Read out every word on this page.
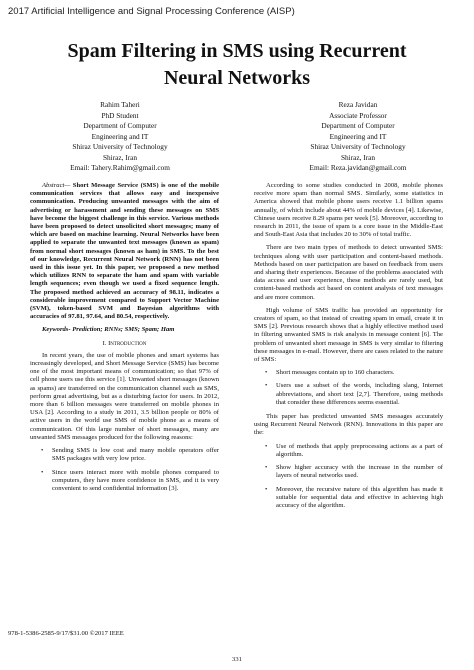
2017 Artificial Intelligence and Signal Processing Conference (AISP)
Spam Filtering in SMS using Recurrent
Neural Networks
Rahim Taheri
PhD Student
Department of Computer
Engineering and IT
Shiraz University of Technology
Shiraz, Iran
Email: Tahery.Rahim@gmail.com
Reza Javidan
Associate Professor
Department of Computer
Engineering and IT
Shiraz University of Technology
Shiraz, Iran
Email: Reza.javidan@gmail.com

Abstract— Short Message Service (SMS) is one of the mobile communication services that allows easy and inexpensive communication. Producing unwanted messages with the aim of advertising or harassment and sending these messages on SMS have become the biggest challenge in this service. Various methods have been proposed to detect unsolicited short messages; many of which are based on machine learning. Neural Networks have been applied to separate the unwanted text messages (known as spam) from normal short messages (known as ham) in SMS. To the best of our knowledge, Recurrent Neural Network (RNN) has not been used in this issue yet. In this paper, we proposed a new method which utilizes RNN to separate the ham and spam with variable length sequences; even though we used a fixed sequence length. The proposed method achieved an accuracy of 98.11, indicates a considerable improvement compared to Support Vector Machine (SVM), token-based SVM and Bayesian algorithms with accuracies of 97.81, 97.64, and 80.54, respectively.

Keywords- Prediction; RNNs; SMS; Spam; Ham

I. Introduction

In recent years, the use of mobile phones and smart systems has increasingly developed, and Short Message Service (SMS) has become one of the most important means of communication; so that 97% of cell phone users use this service [1]. Unwanted short messages (known as spams) are transferred on the communication channel such as SMS, perform great advertising, but as a disturbing factor for users. In 2012, more than 6 billion messages were transferred on mobile phones in USA [2]. According to a study in 2011, 3.5 billion people or 80% of active users in the world use SMS of mobile phone as a means of communication. Of this large number of short messages, many are unwanted SMS messages produced for the following reasons:

• Sending SMS is low cost and many mobile operators offer SMS packages with very low price.
• Since users interact more with mobile phones compared to computers, they have more confidence in SMS, and it is very convenient to send confidential information [3].

According to some studies conducted in 2008, mobile phones receive more spam than normal SMS. Similarly, some statistics in America showed that mobile phone users receive 1.1 billion spams annually, of which include about 44% of mobile devices [4]. Likewise, Chinese users receive 8.29 spams per week [5]. Moreover, according to research in 2011, the issue of spam is a core issue in the Middle-East and South-East Asia that includes 20 to 30% of total traffic.

There are two main types of methods to detect unwanted SMS: techniques along with user participation and content-based methods. Methods based on user participation are based on feedback from users and sharing their experiences. Because of the problems associated with data access and user experience, these methods are rarely used, but content-based methods act based on content analysis of text messages and are more common.

High volume of SMS traffic has provided an opportunity for creators of spam, so that instead of creating spam in email, create it in SMS [2]. Previous research shows that a highly effective method used in filtering unwanted SMS is risk analysis in message content [6]. The problem of unwanted short message in SMS is very similar to filtering these messages in e-mail. However, there are cases related to the nature of SMS:

• Short messages contain up to 160 characters.
• Users use a subset of the words, including slang, Internet abbreviations, and short text [2,7]. Therefore, using methods that consider these differences seems essential.

This paper has predicted unwanted SMS messages accurately using Recurrent Neural Network (RNN). Innovations in this paper are the:

• Use of methods that apply preprocessing actions as a part of algorithm.
• Show higher accuracy with the increase in the number of layers of neural networks used.
• Moreover, the recursive nature of this algorithm has made it suitable for sequential data and effective in achieving high accuracy of the algorithm.
978-1-5386-2585-9/17/$31.00 ©2017 IEEE
331
